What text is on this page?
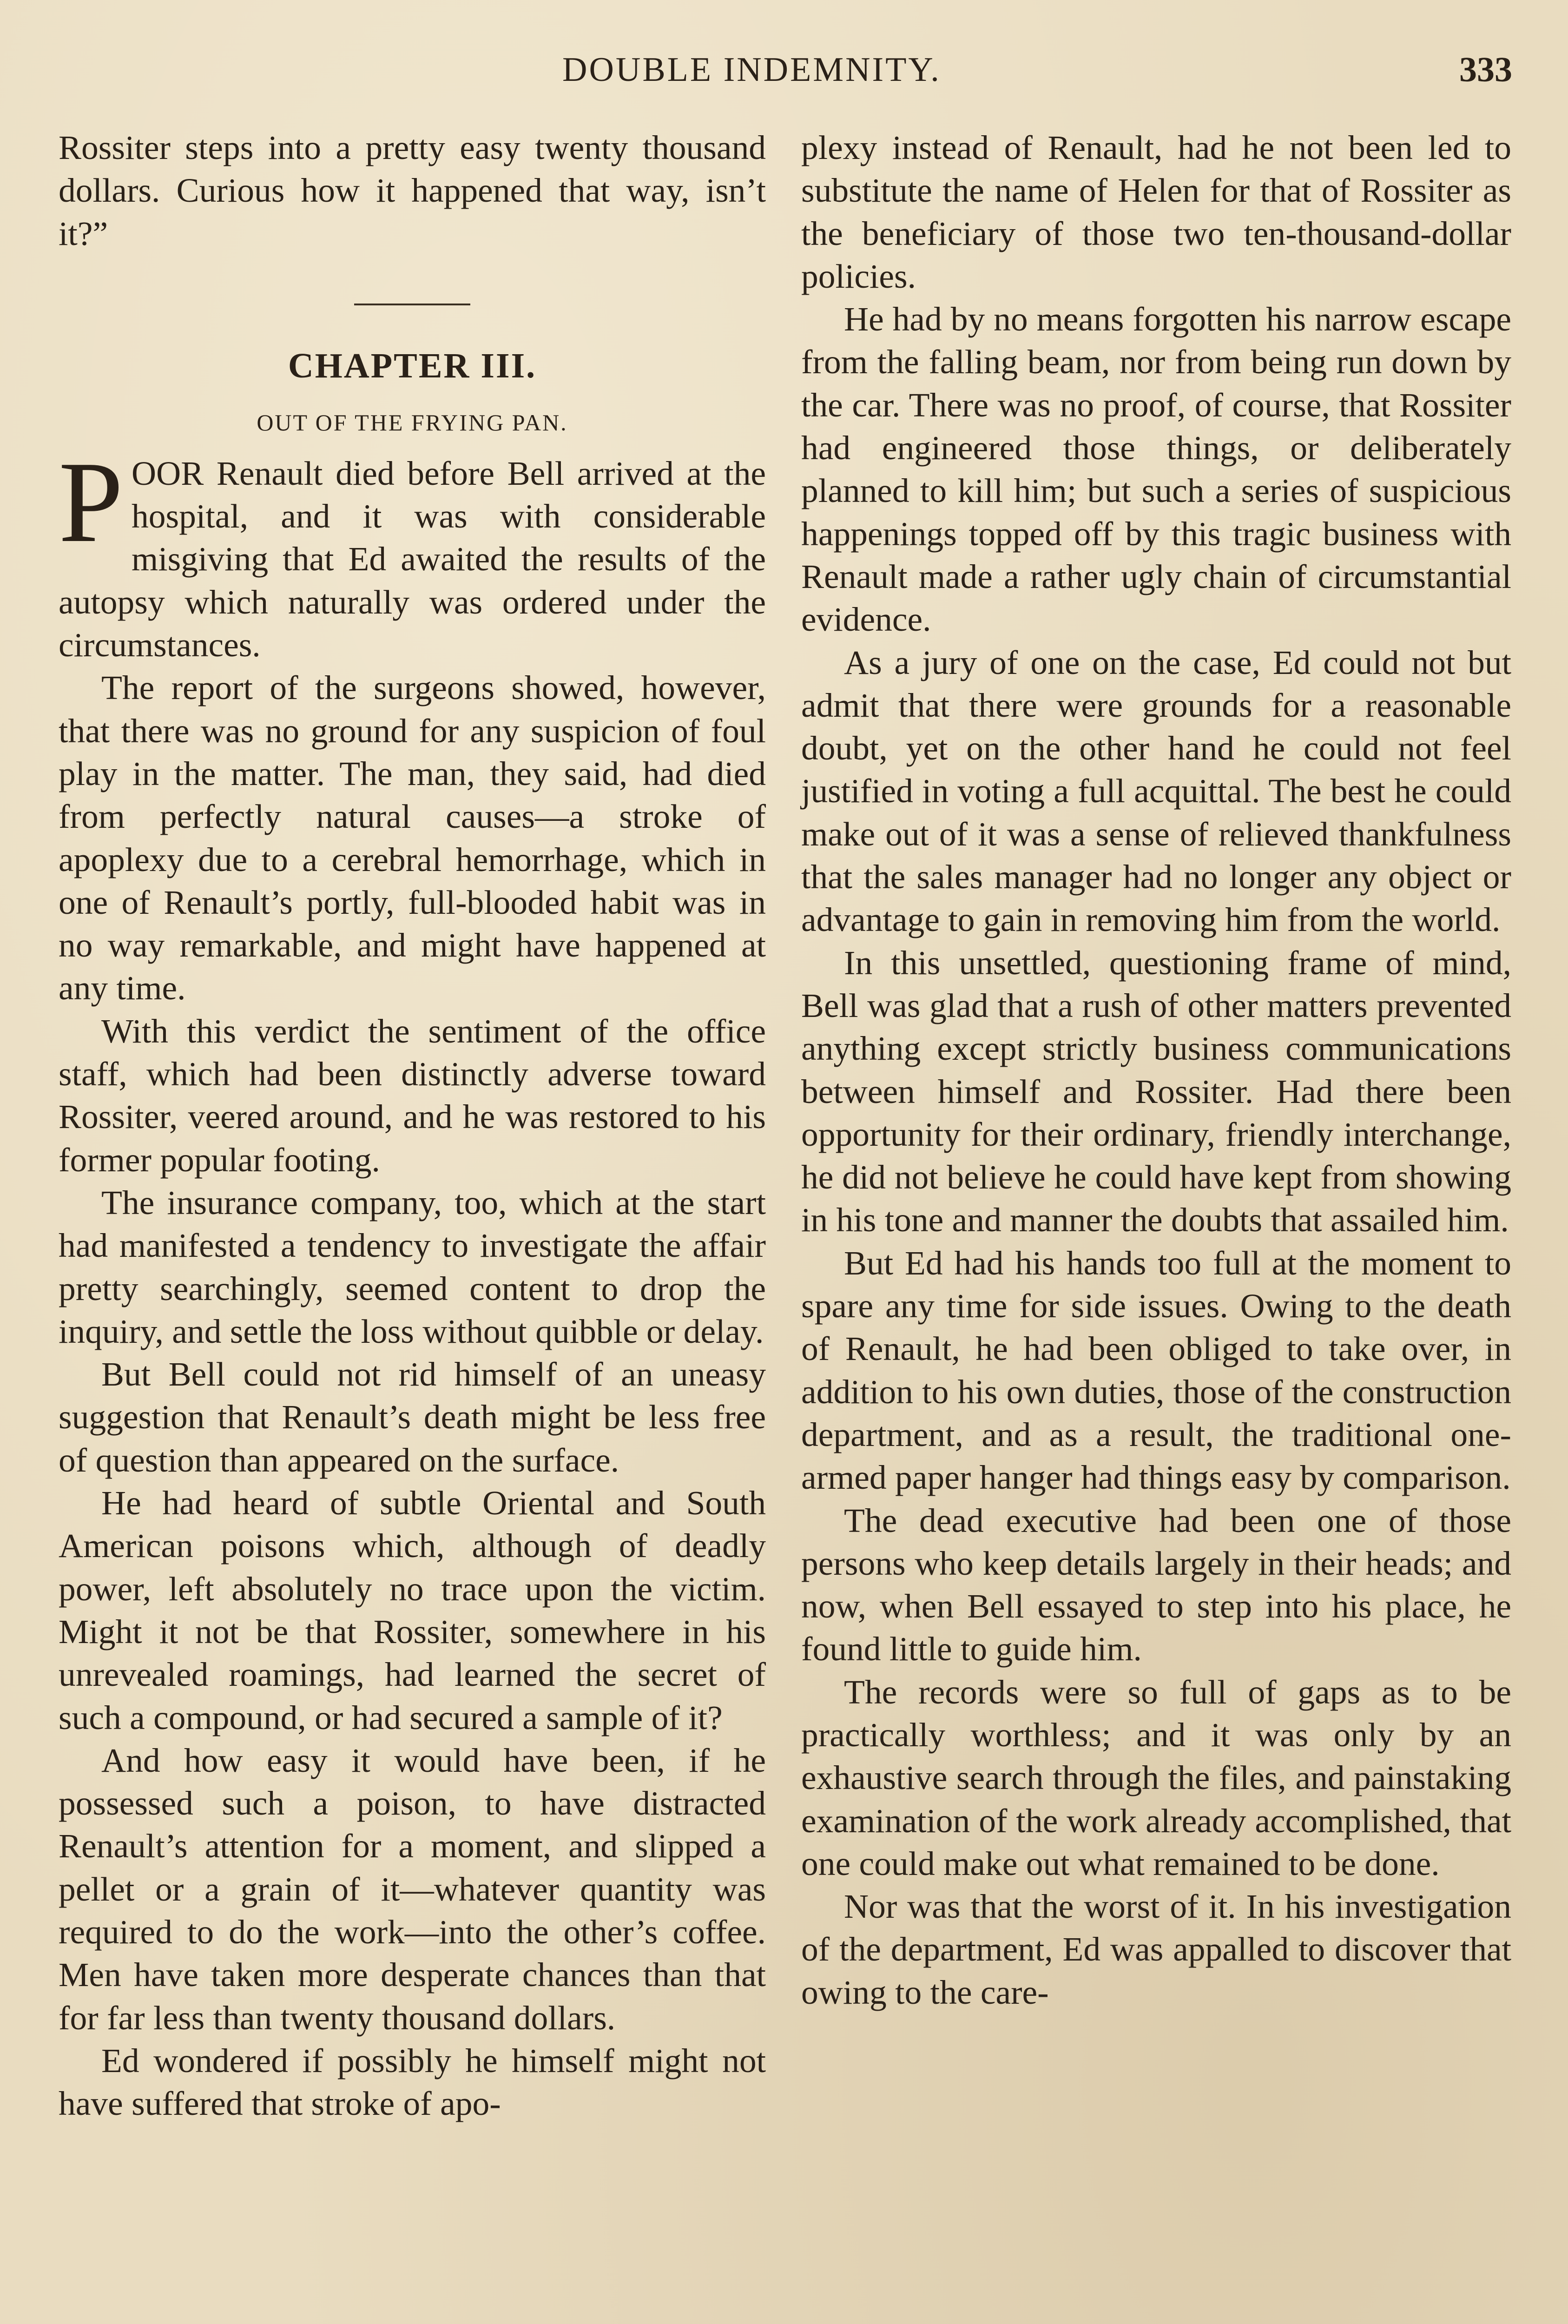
DOUBLE INDEMNITY.	333

Rossiter steps into a pretty easy twenty thousand dollars. Curious how it happened that way, isn’t it?”

CHAPTER III.
OUT OF THE FRYING PAN.

POOR Renault died before Bell arrived at the hospital, and it was with considerable misgiving that Ed awaited the results of the autopsy which naturally was ordered under the circumstances.

The report of the surgeons showed, however, that there was no ground for any suspicion of foul play in the matter. The man, they said, had died from perfectly natural causes—a stroke of apoplexy due to a cerebral hemorrhage, which in one of Renault’s portly, full-blooded habit was in no way remarkable, and might have happened at any time.

With this verdict the sentiment of the office staff, which had been distinctly adverse toward Rossiter, veered around, and he was restored to his former popular footing.

The insurance company, too, which at the start had manifested a tendency to investigate the affair pretty searchingly, seemed content to drop the inquiry, and settle the loss without quibble or delay.

But Bell could not rid himself of an uneasy suggestion that Renault’s death might be less free of question than appeared on the surface.

He had heard of subtle Oriental and South American poisons which, although of deadly power, left absolutely no trace upon the victim. Might it not be that Rossiter, somewhere in his unrevealed roamings, had learned the secret of such a compound, or had secured a sample of it?

And how easy it would have been, if he possessed such a poison, to have distracted Renault’s attention for a moment, and slipped a pellet or a grain of it—whatever quantity was required to do the work—into the other’s coffee. Men have taken more desperate chances than that for far less than twenty thousand dollars.

Ed wondered if possibly he himself might not have suffered that stroke of apo-

plexy instead of Renault, had he not been led to substitute the name of Helen for that of Rossiter as the beneficiary of those two ten-thousand-dollar policies.

He had by no means forgotten his narrow escape from the falling beam, nor from being run down by the car. There was no proof, of course, that Rossiter had engineered those things, or deliberately planned to kill him; but such a series of suspicious happenings topped off by this tragic business with Renault made a rather ugly chain of circumstantial evidence.

As a jury of one on the case, Ed could not but admit that there were grounds for a reasonable doubt, yet on the other hand he could not feel justified in voting a full acquittal. The best he could make out of it was a sense of relieved thankfulness that the sales manager had no longer any object or advantage to gain in removing him from the world.

In this unsettled, questioning frame of mind, Bell was glad that a rush of other matters prevented anything except strictly business communications between himself and Rossiter. Had there been opportunity for their ordinary, friendly interchange, he did not believe he could have kept from showing in his tone and manner the doubts that assailed him.

But Ed had his hands too full at the moment to spare any time for side issues. Owing to the death of Renault, he had been obliged to take over, in addition to his own duties, those of the construction department, and as a result, the traditional one-armed paper hanger had things easy by comparison.

The dead executive had been one of those persons who keep details largely in their heads; and now, when Bell essayed to step into his place, he found little to guide him.

The records were so full of gaps as to be practically worthless; and it was only by an exhaustive search through the files, and painstaking examination of the work already accomplished, that one could make out what remained to be done.

Nor was that the worst of it. In his investigation of the department, Ed was appalled to discover that owing to the care-
